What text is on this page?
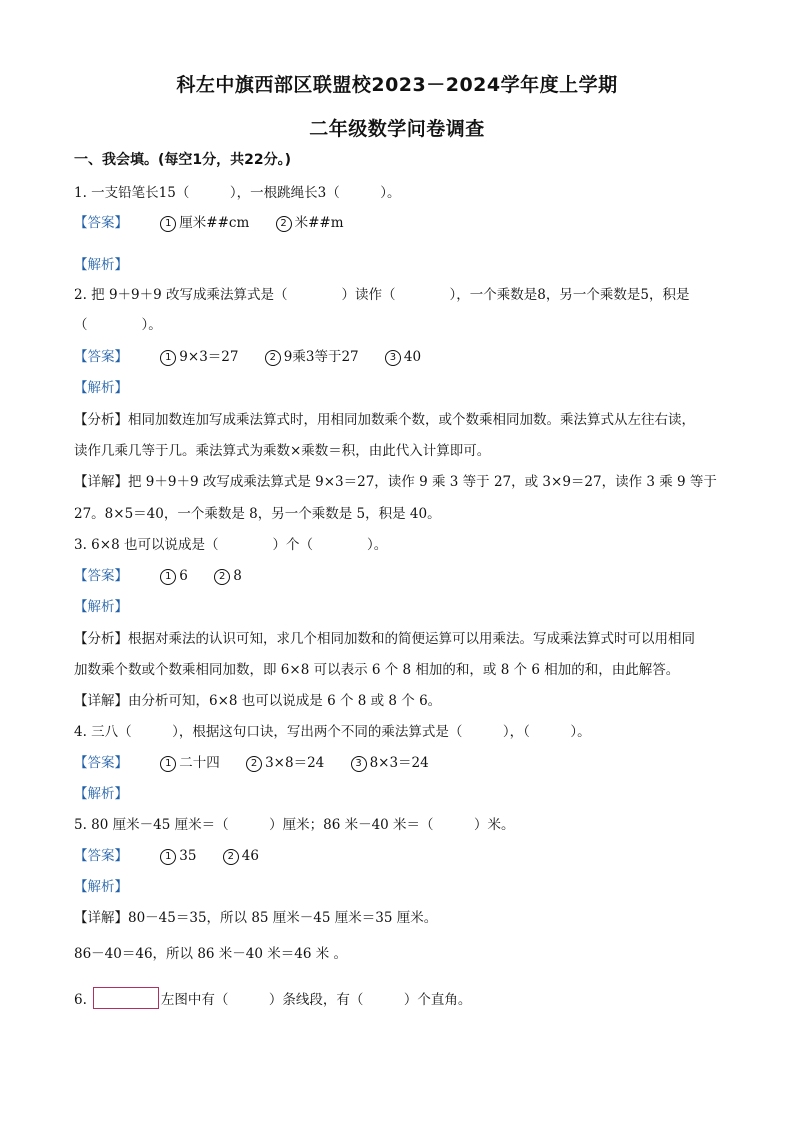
科左中旗西部区联盟校2023－2024学年度上学期
二年级数学问卷调查
一、我会填。(每空1分，共22分。)
1. 一支铅笔长15（　　　），一根跳绳长3（　　　）。
【答案】	1 厘米##cm	2 米##m
【解析】
2. 把 9＋9＋9 改写成乘法算式是（　　　　）读作（　　　　），一个乘数是8，另一个乘数是5，积是
（　　　　）。
【答案】	1 9×3＝27	2 9乘3等于27	3 40
【解析】
【分析】相同加数连加写成乘法算式时，用相同加数乘个数，或个数乘相同加数。乘法算式从左往右读，
读作几乘几等于几。乘法算式为乘数×乘数＝积，由此代入计算即可。
【详解】把 9＋9＋9 改写成乘法算式是 9×3＝27，读作 9 乘 3 等于 27，或 3×9＝27，读作 3 乘 9 等于
27。8×5＝40，一个乘数是 8，另一个乘数是 5，积是 40。
3. 6×8 也可以说成是（　　　　）个（　　　　）。
【答案】	1 6	2 8
【解析】
【分析】根据对乘法的认识可知，求几个相同加数和的简便运算可以用乘法。写成乘法算式时可以用相同
加数乘个数或个数乘相同加数，即 6×8 可以表示 6 个 8 相加的和，或 8 个 6 相加的和，由此解答。
【详解】由分析可知，6×8 也可以说成是 6 个 8 或 8 个 6。
4. 三八（　　　），根据这句口诀，写出两个不同的乘法算式是（　　　），（　　　）。
【答案】	1 二十四	2 3×8＝24	3 8×3＝24
【解析】
5. 80 厘米－45 厘米＝（　　　）厘米；86 米－40 米＝（　　　）米。
【答案】	1 35	2 46
【解析】
【详解】80－45＝35，所以 85 厘米－45 厘米＝35 厘米。
86－40＝46，所以 86 米－40 米＝46 米 。
6.	左图中有（　　　）条线段，有（　　　）个直角。
